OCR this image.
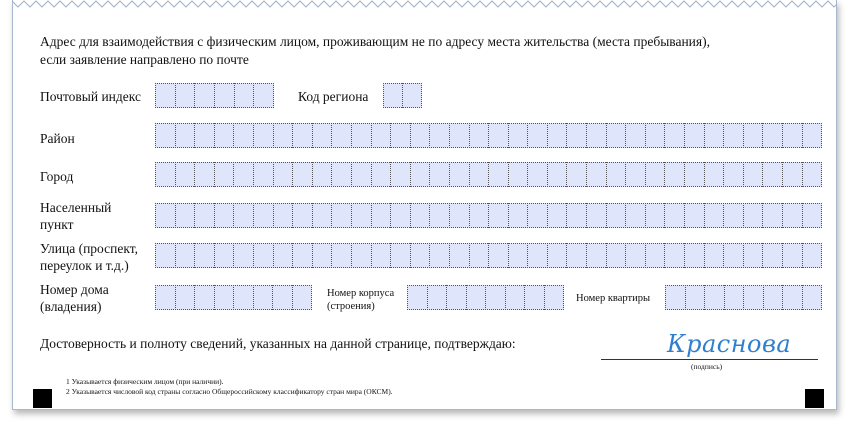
Адрес для взаимодействия с физическим лицом, проживающим не по адресу места жительства (места пребывания),
если заявление направлено по почте
Почтовый индекс	Код региона
Район
Город
Населенный
пункт
Улица (проспект,
переулок и т.д.)
Номер дома
(владения)
Номер корпуса
(строения)
Номер квартиры
Достоверность и полноту сведений, указанных на данной странице, подтверждаю:	Краснова
(подпись)
1 Указывается физическим лицом (при наличии).
2 Указывается числовой код страны согласно Общероссийскому классификатору стран мира (ОКСМ).
